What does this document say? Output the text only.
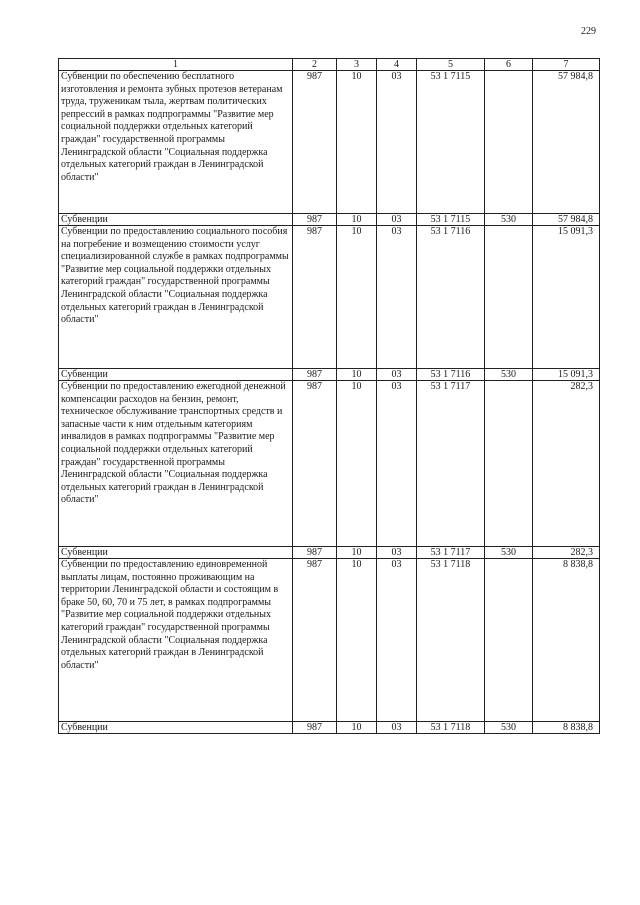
229
1	2	3	4	5	6	7
Субвенции по обеспечению бесплатного изготовления и ремонта зубных протезов ветеранам труда, труженикам тыла, жертвам политических репрессий в рамках подпрограммы "Развитие мер социальной поддержки отдельных категорий граждан" государственной программы Ленинградской области "Социальная поддержка отдельных категорий граждан в Ленинградской области"	987	10	03	53 1 7115		57 984,8
Субвенции	987	10	03	53 1 7115	530	57 984,8
Субвенции по предоставлению социального пособия на погребение и возмещению стоимости услуг специализированной службе в рамках подпрограммы "Развитие мер социальной поддержки отдельных категорий граждан" государственной программы Ленинградской области "Социальная поддержка отдельных категорий граждан в Ленинградской области"	987	10	03	53 1 7116		15 091,3
Субвенции	987	10	03	53 1 7116	530	15 091,3
Субвенции по предоставлению ежегодной денежной компенсации расходов на бензин, ремонт, техническое обслуживание транспортных средств и запасные части к ним отдельным категориям инвалидов в рамках подпрограммы "Развитие мер социальной поддержки отдельных категорий граждан" государственной программы Ленинградской области "Социальная поддержка отдельных категорий граждан в Ленинградской области"	987	10	03	53 1 7117		282,3
Субвенции	987	10	03	53 1 7117	530	282,3
Субвенции по предоставлению единовременной выплаты лицам, постоянно проживающим на территории Ленинградской области и состоящим в браке 50, 60, 70 и 75 лет, в рамках подпрограммы "Развитие мер социальной поддержки отдельных категорий граждан" государственной программы Ленинградской области "Социальная поддержка отдельных категорий граждан в Ленинградской области"	987	10	03	53 1 7118		8 838,8
Субвенции	987	10	03	53 1 7118	530	8 838,8
